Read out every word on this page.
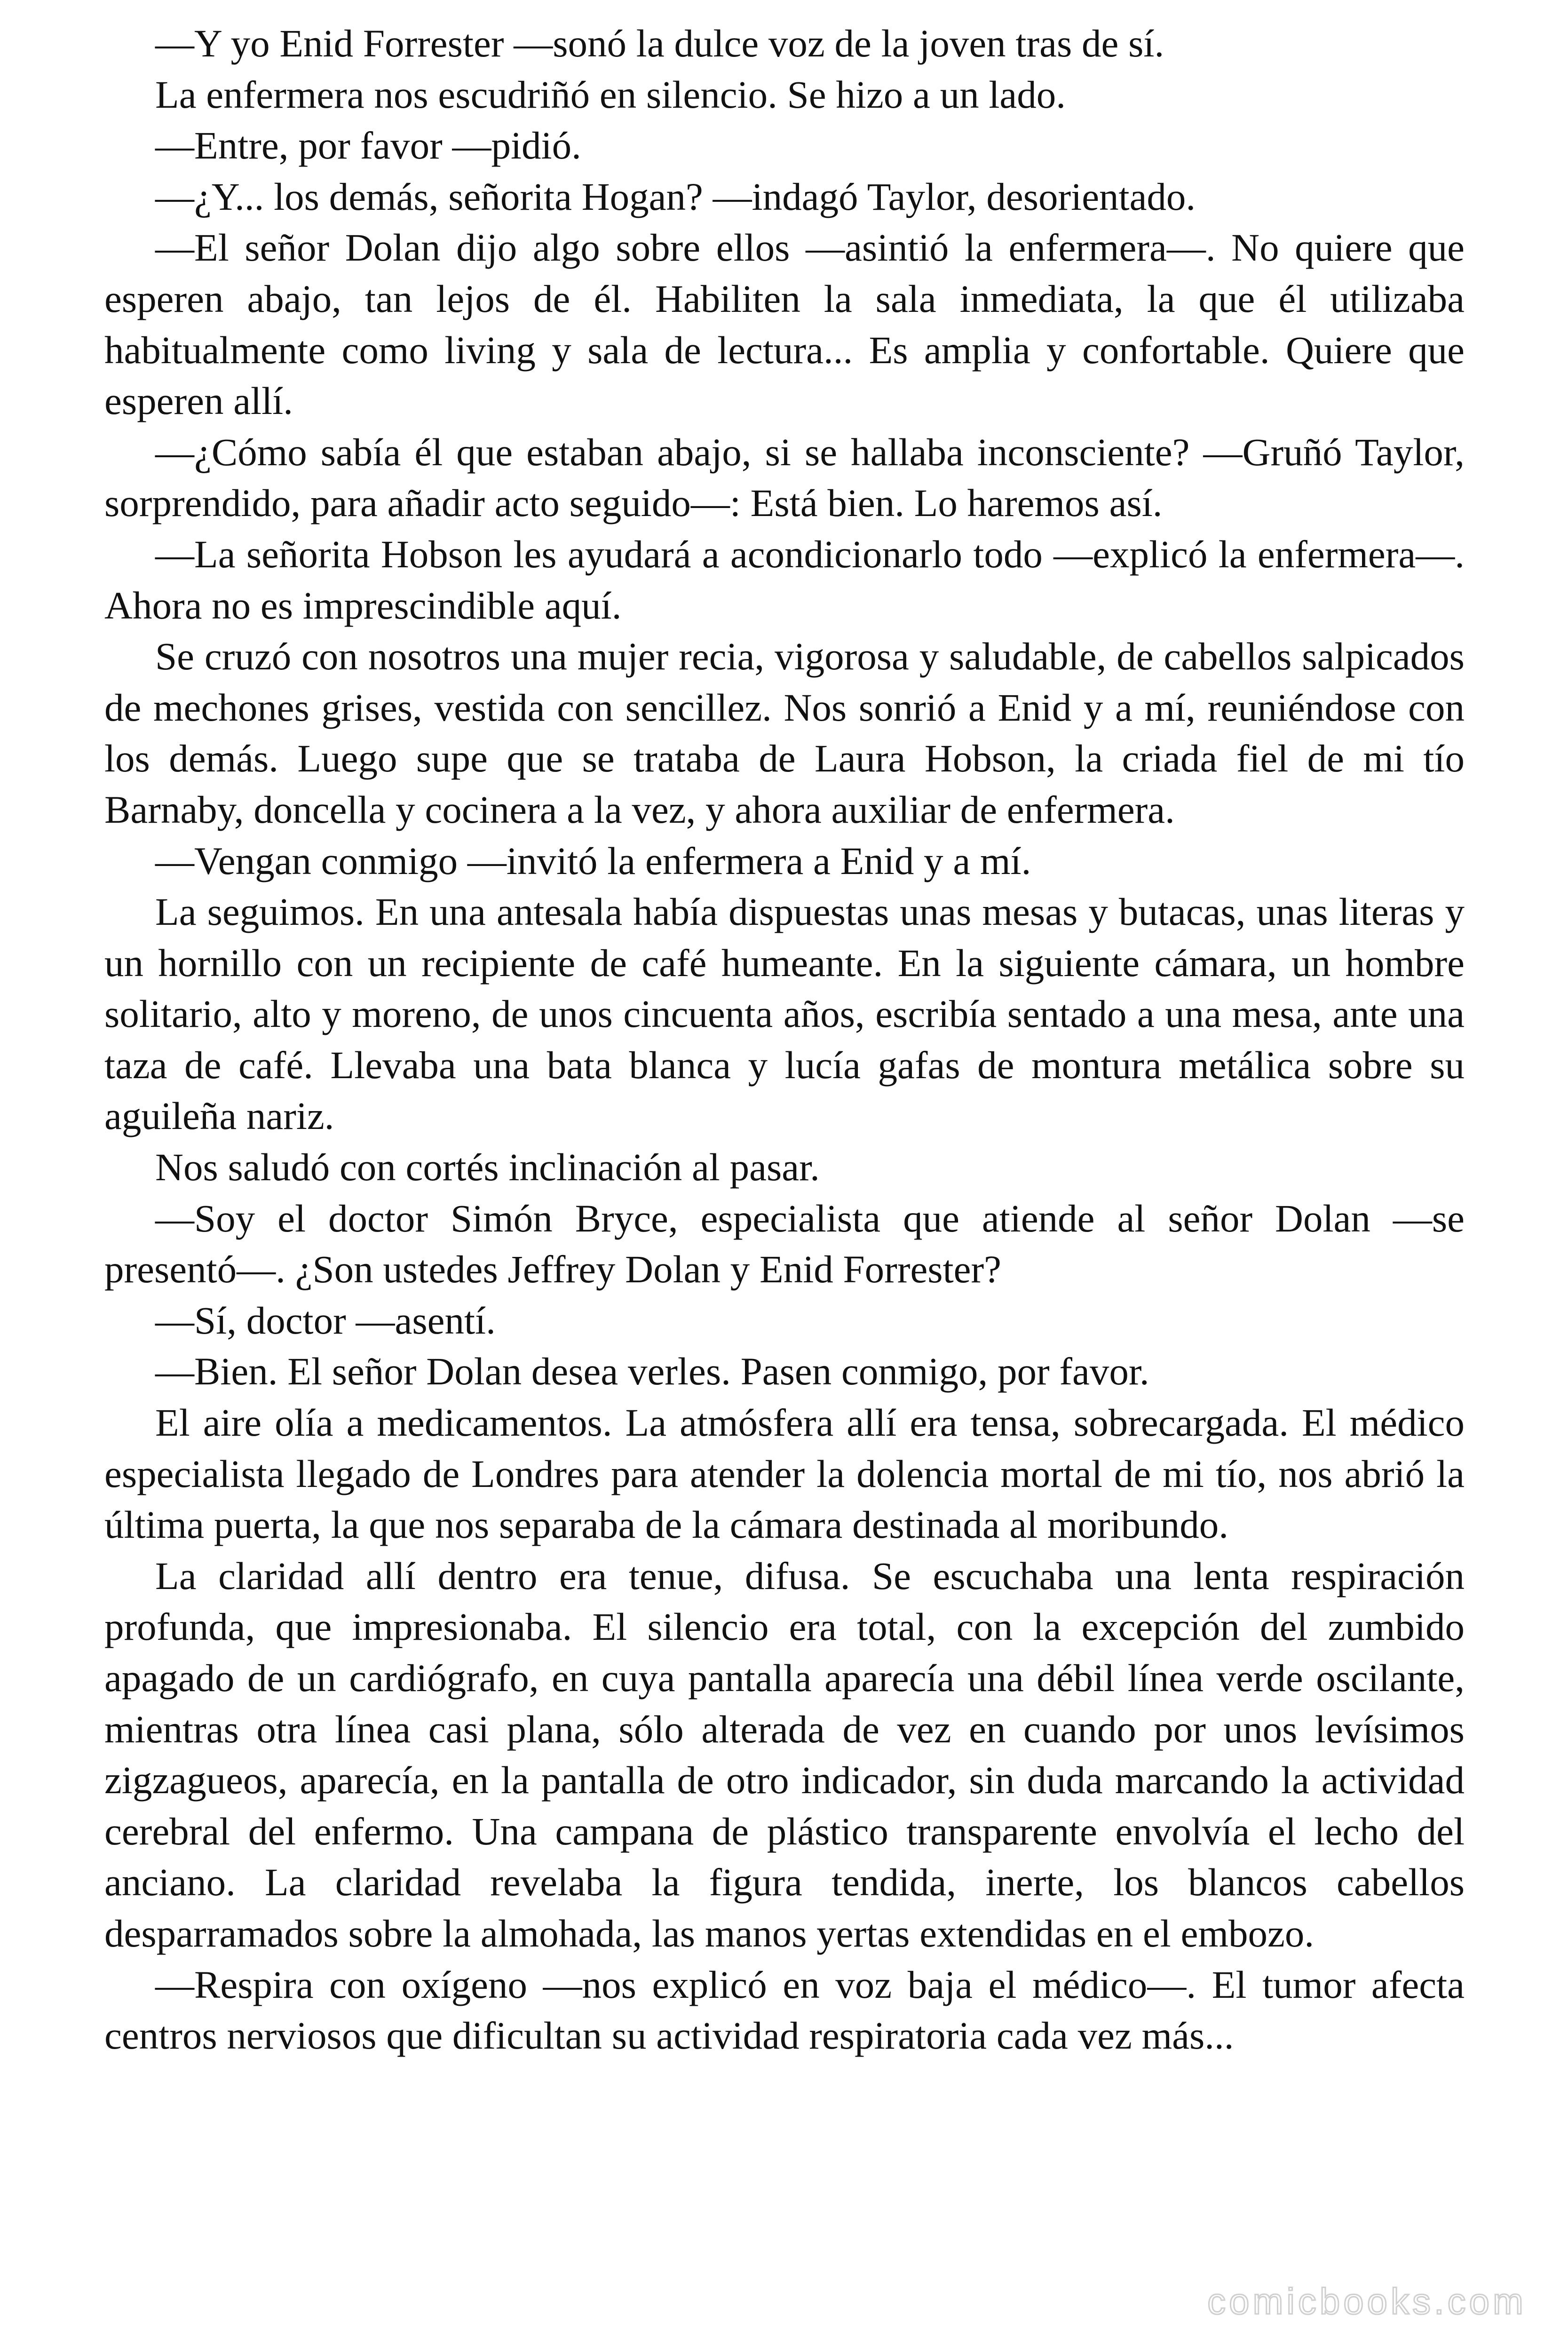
—Y yo Enid Forrester —sonó la dulce voz de la joven tras de sí.

La enfermera nos escudriñó en silencio. Se hizo a un lado.

—Entre, por favor —pidió.

—¿Y... los demás, señorita Hogan? —indagó Taylor, desorientado.

—El señor Dolan dijo algo sobre ellos —asintió la enfermera—. No quiere que esperen abajo, tan lejos de él. Habiliten la sala inmediata, la que él utilizaba habitualmente como living y sala de lectura... Es amplia y confortable. Quiere que esperen allí.

—¿Cómo sabía él que estaban abajo, si se hallaba inconsciente? —Gruñó Taylor, sorprendido, para añadir acto seguido—: Está bien. Lo haremos así.

—La señorita Hobson les ayudará a acondicionarlo todo —explicó la enfermera—. Ahora no es imprescindible aquí.

Se cruzó con nosotros una mujer recia, vigorosa y saludable, de cabellos salpicados de mechones grises, vestida con sencillez. Nos sonrió a Enid y a mí, reuniéndose con los demás. Luego supe que se trataba de Laura Hobson, la criada fiel de mi tío Barnaby, doncella y cocinera a la vez, y ahora auxiliar de enfermera.

—Vengan conmigo —invitó la enfermera a Enid y a mí.

La seguimos. En una antesala había dispuestas unas mesas y butacas, unas literas y un hornillo con un recipiente de café humeante. En la siguiente cámara, un hombre solitario, alto y moreno, de unos cincuenta años, escribía sentado a una mesa, ante una taza de café. Llevaba una bata blanca y lucía gafas de montura metálica sobre su aguileña nariz.

Nos saludó con cortés inclinación al pasar.

—Soy el doctor Simón Bryce, especialista que atiende al señor Dolan —se presentó—. ¿Son ustedes Jeffrey Dolan y Enid Forrester?

—Sí, doctor —asentí.

—Bien. El señor Dolan desea verles. Pasen conmigo, por favor.

El aire olía a medicamentos. La atmósfera allí era tensa, sobrecargada. El médico especialista llegado de Londres para atender la dolencia mortal de mi tío, nos abrió la última puerta, la que nos separaba de la cámara destinada al moribundo.

La claridad allí dentro era tenue, difusa. Se escuchaba una lenta respiración profunda, que impresionaba. El silencio era total, con la excepción del zumbido apagado de un cardiógrafo, en cuya pantalla aparecía una débil línea verde oscilante, mientras otra línea casi plana, sólo alterada de vez en cuando por unos levísimos zigzagueos, aparecía, en la pantalla de otro indicador, sin duda marcando la actividad cerebral del enfermo. Una campana de plástico transparente envolvía el lecho del anciano. La claridad revelaba la figura tendida, inerte, los blancos cabellos desparramados sobre la almohada, las manos yertas extendidas en el embozo.

—Respira con oxígeno —nos explicó en voz baja el médico—. El tumor afecta centros nerviosos que dificultan su actividad respiratoria cada vez más...

comicbooks.com
